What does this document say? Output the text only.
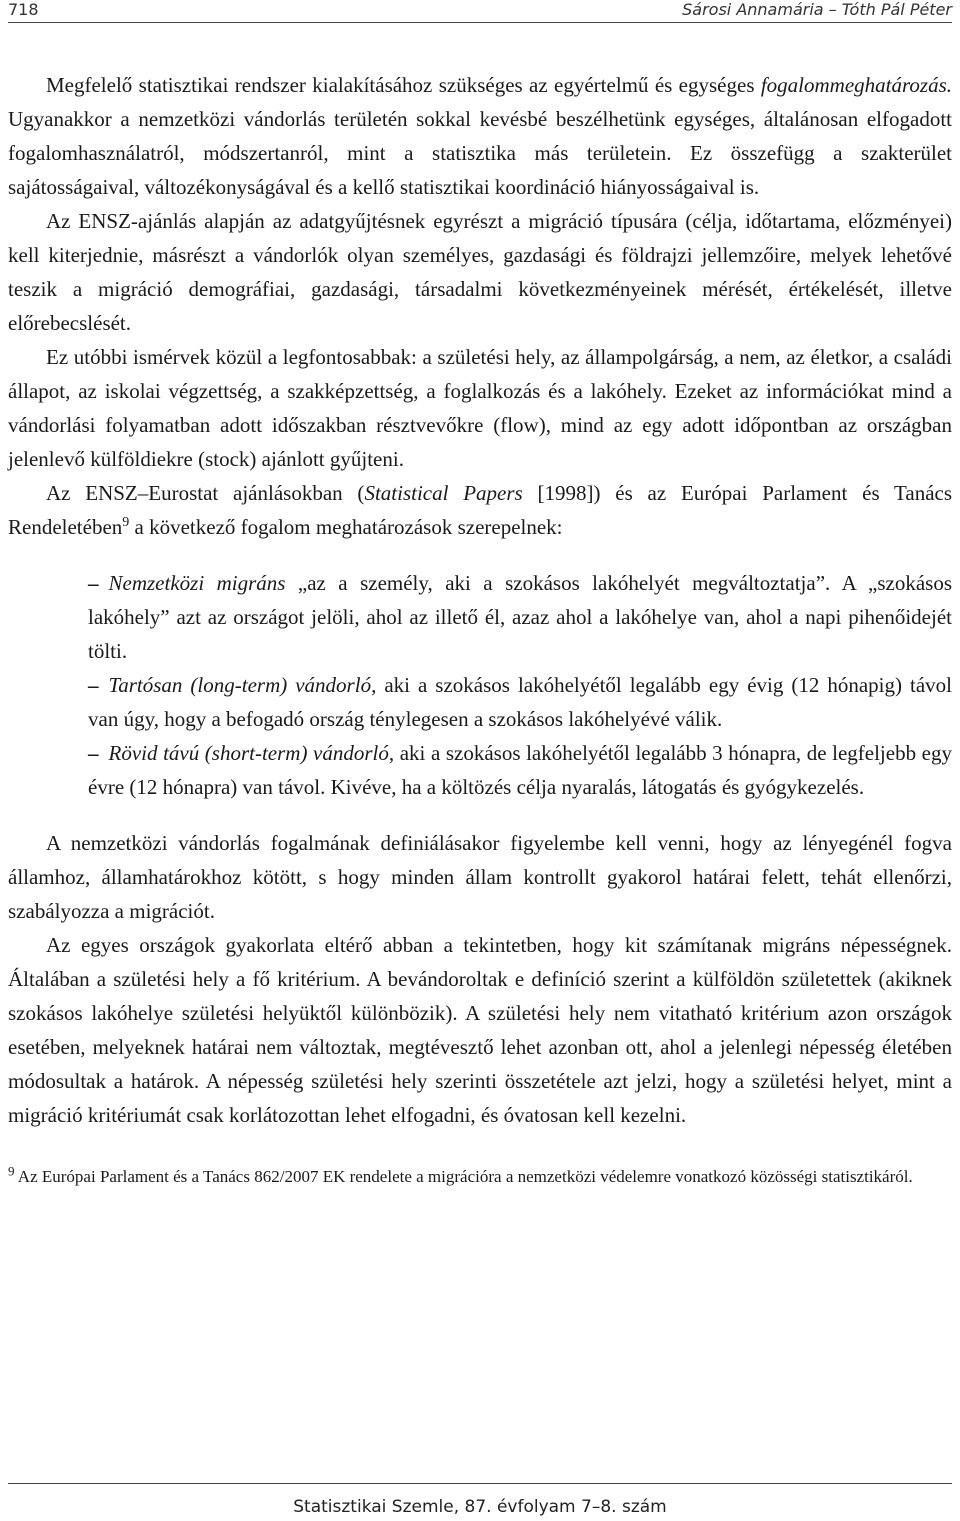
718	Sárosi Annamária – Tóth Pál Péter

Megfelelő statisztikai rendszer kialakításához szükséges az egyértelmű és egységes fogalommeghatározás. Ugyanakkor a nemzetközi vándorlás területén sokkal kevésbé beszélhetünk egységes, általánosan elfogadott fogalomhasználatról, módszertanról, mint a statisztika más területein. Ez összefügg a szakterület sajátosságaival, változékonyságával és a kellő statisztikai koordináció hiányosságaival is.

Az ENSZ-ajánlás alapján az adatgyűjtésnek egyrészt a migráció típusára (célja, időtartama, előzményei) kell kiterjednie, másrészt a vándorlók olyan személyes, gazdasági és földrajzi jellemzőire, melyek lehetővé teszik a migráció demográfiai, gazdasági, társadalmi következményeinek mérését, értékelését, illetve előrebecslését.

Ez utóbbi ismérvek közül a legfontosabbak: a születési hely, az állampolgárság, a nem, az életkor, a családi állapot, az iskolai végzettség, a szakképzettség, a foglalkozás és a lakóhely. Ezeket az információkat mind a vándorlási folyamatban adott időszakban résztvevőkre (flow), mind az egy adott időpontban az országban jelenlevő külföldiekre (stock) ajánlott gyűjteni.

Az ENSZ–Eurostat ajánlásokban (Statistical Papers [1998]) és az Európai Parlament és Tanács Rendeletében$^9$ a következő fogalom meghatározások szerepelnek:

– Nemzetközi migráns „az a személy, aki a szokásos lakóhelyét megváltoztatja”. A „szokásos lakóhely” azt az országot jelöli, ahol az illető él, azaz ahol a lakóhelye van, ahol a napi pihenőidejét tölti.

– Tartósan (long-term) vándorló, aki a szokásos lakóhelyétől legalább egy évig (12 hónapig) távol van úgy, hogy a befogadó ország ténylegesen a szokásos lakóhelyévé válik.

– Rövid távú (short-term) vándorló, aki a szokásos lakóhelyétől legalább 3 hónapra, de legfeljebb egy évre (12 hónapra) van távol. Kivéve, ha a költözés célja nyaralás, látogatás és gyógykezelés.

A nemzetközi vándorlás fogalmának definiálásakor figyelembe kell venni, hogy az lényegénél fogva államhoz, államhatárokhoz kötött, s hogy minden állam kontrollt gyakorol határai felett, tehát ellenőrzi, szabályozza a migrációt.

Az egyes országok gyakorlata eltérő abban a tekintetben, hogy kit számítanak migráns népességnek. Általában a születési hely a fő kritérium. A bevándoroltak e definíció szerint a külföldön születettek (akiknek szokásos lakóhelye születési helyüktől különbözik). A születési hely nem vitatható kritérium azon országok esetében, melyeknek határai nem változtak, megtévesztő lehet azonban ott, ahol a jelenlegi népesség életében módosultak a határok. A népesség születési hely szerinti összetétele azt jelzi, hogy a születési helyet, mint a migráció kritériumát csak korlátozottan lehet elfogadni, és óvatosan kell kezelni.

$^9$ Az Európai Parlament és a Tanács 862/2007 EK rendelete a migrációra a nemzetközi védelemre vonatkozó közösségi statisztikáról.
Statisztikai Szemle, 87. évfolyam 7–8. szám
